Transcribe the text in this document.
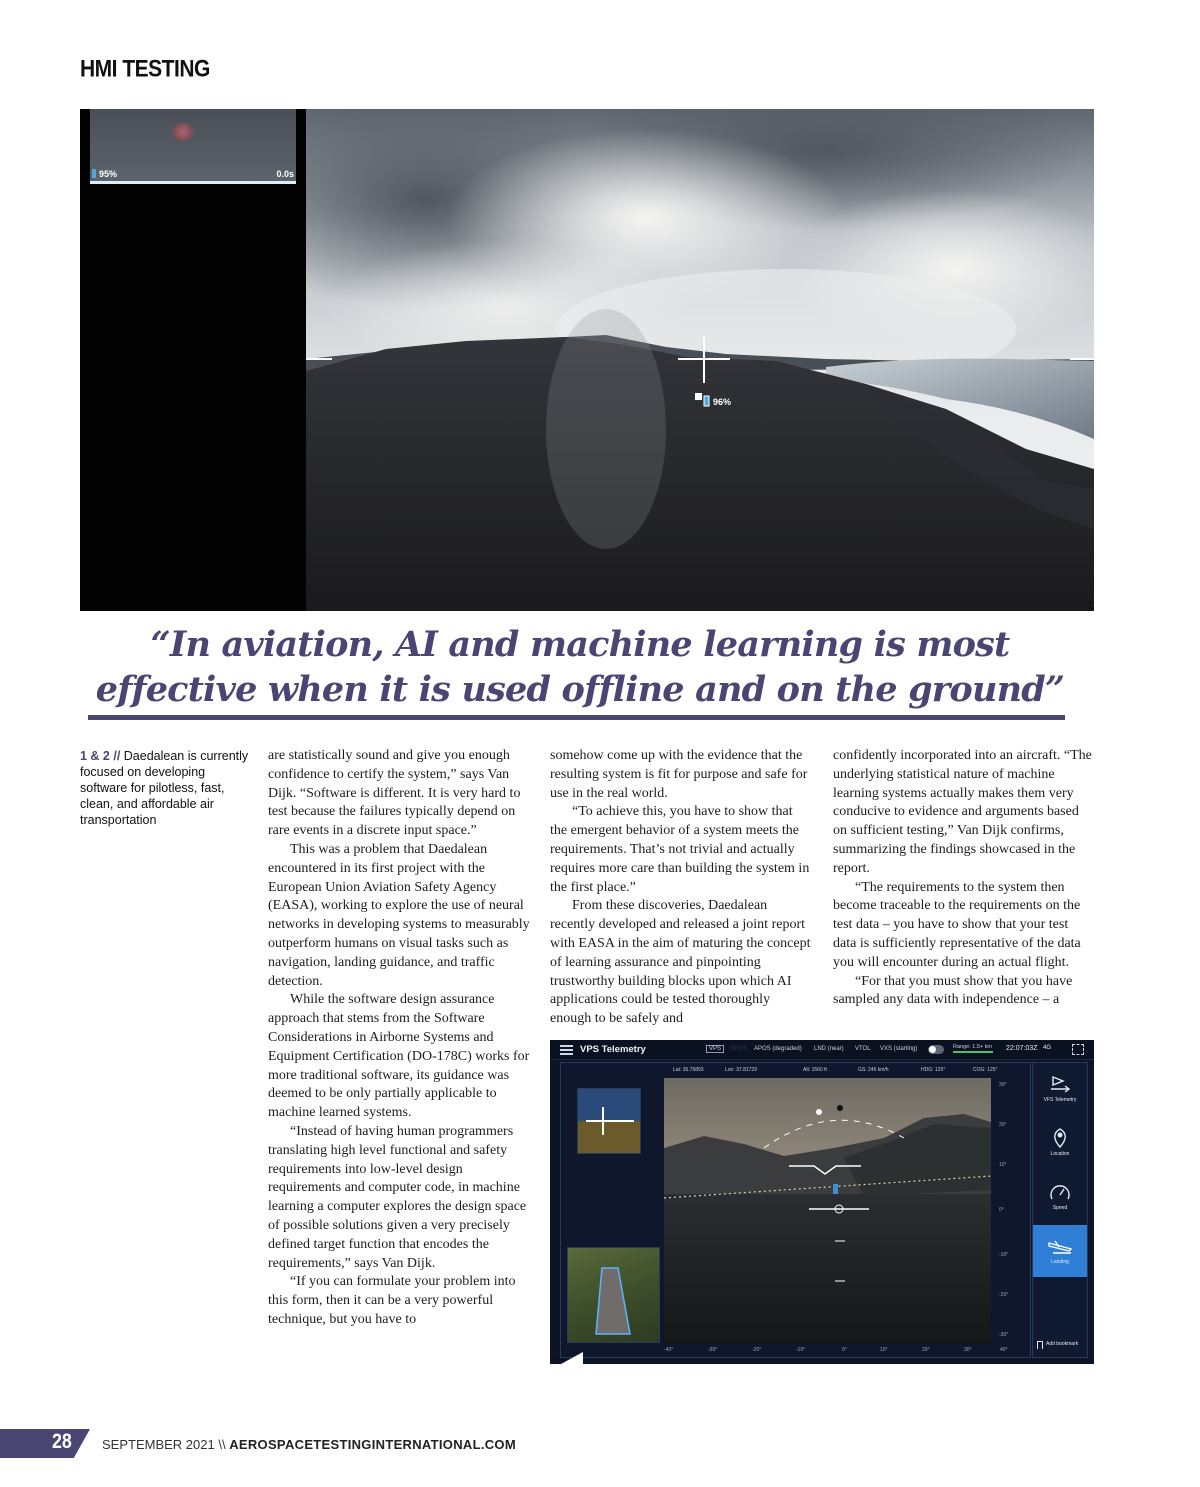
HMI TESTING
95%	0.0s
96%
1
“In aviation, AI and machine learning is most effective when it is used offline and on the ground”
1 & 2 // Daedalean is currently focused on developing software for pilotless, fast, clean, and affordable air transportation

are statistically sound and give you enough confidence to certify the system,” says Van Dijk. “Software is different. It is very hard to test because the failures typically depend on rare events in a discrete input space.”

This was a problem that Daedalean encountered in its first project with the European Union Aviation Safety Agency (EASA), working to explore the use of neural networks in developing systems to measurably outperform humans on visual tasks such as navigation, landing guidance, and traffic detection.

While the software design assurance approach that stems from the Software Considerations in Airborne Systems and Equipment Certification (DO-178C) works for more traditional software, its guidance was deemed to be only partially applicable to machine learned systems.

“Instead of having human programmers translating high level functional and safety requirements into low-level design requirements and computer code, in machine learning a computer explores the design space of possible solutions given a very precisely defined target function that encodes the requirements,” says Van Dijk.

“If you can formulate your problem into this form, then it can be a very powerful technique, but you have to

somehow come up with the evidence that the resulting system is fit for purpose and safe for use in the real world.

“To achieve this, you have to show that the emergent behavior of a system meets the requirements. That’s not trivial and actually requires more care than building the system in the first place.”

From these discoveries, Daedalean recently developed and released a joint report with EASA in the aim of maturing the concept of learning assurance and pinpointing trustworthy building blocks upon which AI applications could be tested thoroughly enough to be safely and

confidently incorporated into an aircraft. “The underlying statistical nature of machine learning systems actually makes them very conducive to evidence and arguments based on sufficient testing,” Van Dijk confirms, summarizing the findings showcased in the report.

“The requirements to the system then become traceable to the requirements on the test data – you have to show that your test data is sufficiently representative of the data you will encounter during an actual flight.

“For that you must show that you have sampled any data with independence – a

VPS Telemetry	VPS	DPOS APOS (degraded) LND (near) VTOL VXS (starting)	Range: 1.5+ km 22:07:03Z 4G
Lat: 35.75893	Lon: 37.81729	Alt: 1560 ft	GS: 246 km/h	HDG: 125°	COG: 125°
30°
20°
10°
0°
-10°
-20°
-30°
-40°	-30°	-20°	-10°	0°	10°	20°	30°	40°
VFS Telemetry
Location
Speed
Landing
Add bookmark
2
28 SEPTEMBER 2021 \\ AEROSPACETESTINGINTERNATIONAL.COM
